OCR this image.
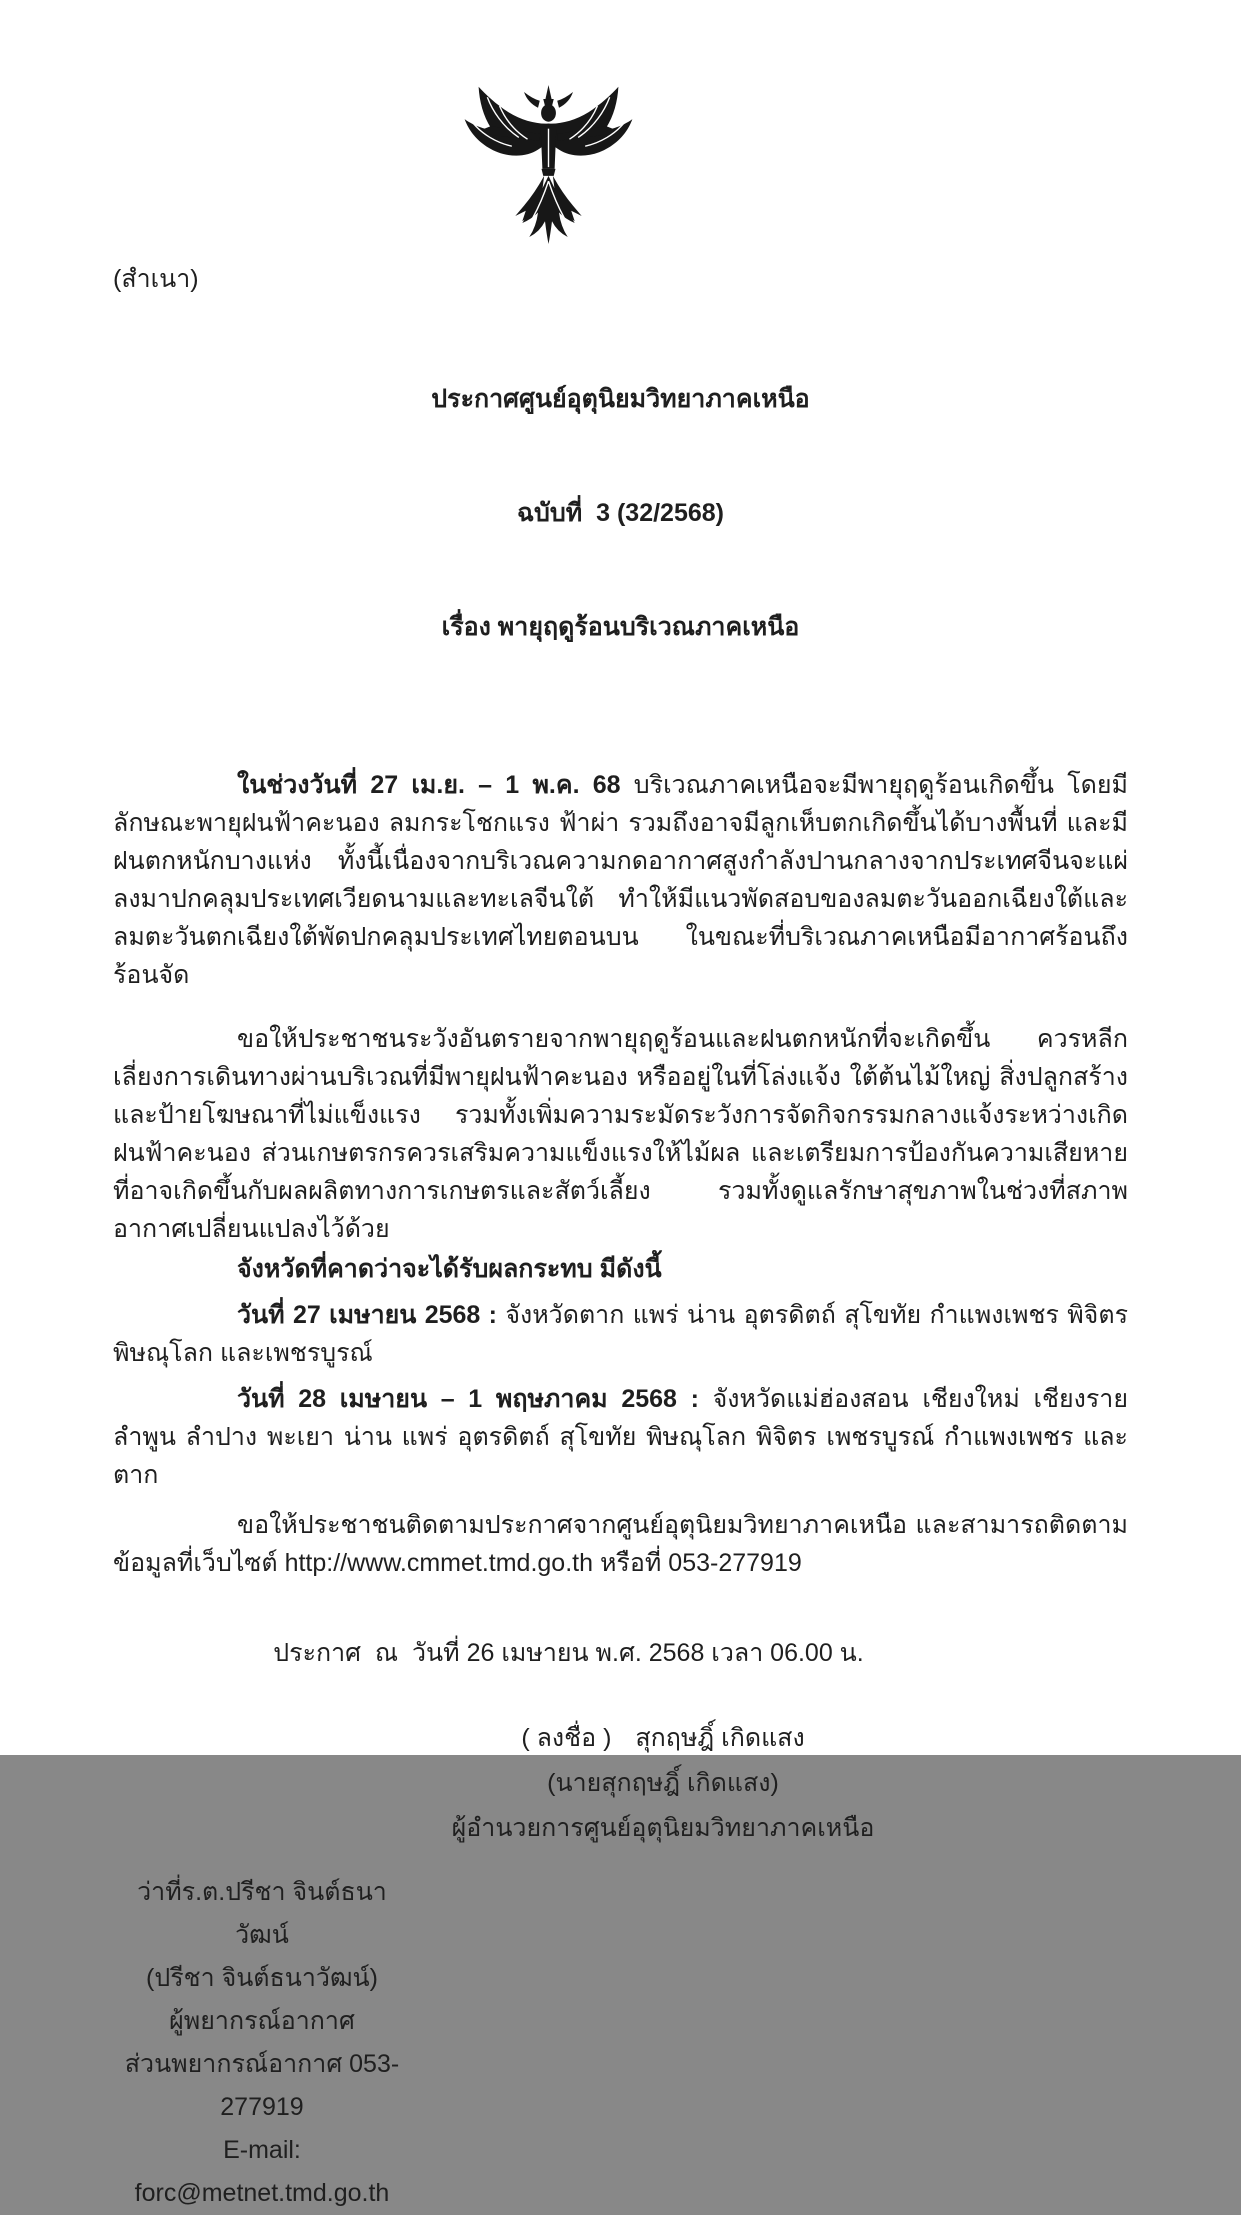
(สำเนา)

ประกาศศูนย์อุตุนิยมวิทยาภาคเหนือ

ฉบับที่  3 (32/2568)

เรื่อง พายุฤดูร้อนบริเวณภาคเหนือ

ในช่วงวันที่ 27 เม.ย. – 1 พ.ค. 68 บริเวณภาคเหนือจะมีพายุฤดูร้อนเกิดขึ้น โดยมีลักษณะพายุฝนฟ้าคะนอง ลมกระโชกแรง ฟ้าผ่า รวมถึงอาจมีลูกเห็บตกเกิดขึ้นได้บางพื้นที่ และมีฝนตกหนักบางแห่ง ทั้งนี้เนื่องจากบริเวณความกดอากาศสูงกำลังปานกลางจากประเทศจีนจะแผ่ลงมาปกคลุมประเทศเวียดนามและทะเลจีนใต้ ทำให้มีแนวพัดสอบของลมตะวันออกเฉียงใต้และลมตะวันตกเฉียงใต้พัดปกคลุมประเทศไทยตอนบน ในขณะที่บริเวณภาคเหนือมีอากาศร้อนถึงร้อนจัด

ขอให้ประชาชนระวังอันตรายจากพายุฤดูร้อนและฝนตกหนักที่จะเกิดขึ้น ควรหลีกเลี่ยงการเดินทางผ่านบริเวณที่มีพายุฝนฟ้าคะนอง หรืออยู่ในที่โล่งแจ้ง ใต้ต้นไม้ใหญ่ สิ่งปลูกสร้าง และป้ายโฆษณาที่ไม่แข็งแรง รวมทั้งเพิ่มความระมัดระวังการจัดกิจกรรมกลางแจ้งระหว่างเกิดฝนฟ้าคะนอง ส่วนเกษตรกรควรเสริมความแข็งแรงให้ไม้ผล และเตรียมการป้องกันความเสียหายที่อาจเกิดขึ้นกับผลผลิตทางการเกษตรและสัตว์เลี้ยง รวมทั้งดูแลรักษาสุขภาพในช่วงที่สภาพอากาศเปลี่ยนแปลงไว้ด้วย

จังหวัดที่คาดว่าจะได้รับผลกระทบ มีดังนี้

วันที่ 27 เมษายน 2568 : จังหวัดตาก แพร่ น่าน อุตรดิตถ์ สุโขทัย กำแพงเพชร พิจิตร พิษณุโลก และเพชรบูรณ์

วันที่ 28 เมษายน – 1 พฤษภาคม 2568 : จังหวัดแม่ฮ่องสอน เชียงใหม่ เชียงราย ลำพูน ลำปาง พะเยา น่าน แพร่ อุตรดิตถ์ สุโขทัย พิษณุโลก พิจิตร เพชรบูรณ์ กำแพงเพชร และตาก

ขอให้ประชาชนติดตามประกาศจากศูนย์อุตุนิยมวิทยาภาคเหนือ และสามารถติดตามข้อมูลที่เว็บไซต์ http://www.cmmet.tmd.go.th หรือที่ 053-277919

ประกาศ  ณ  วันที่ 26 เมษายน พ.ศ. 2568 เวลา 06.00 น.
( ลงชื่อ ) สุกฤษฎิ์ เกิดแสง
(นายสุกฤษฎิ์ เกิดแสง)
ผู้อำนวยการศูนย์อุตุนิยมวิทยาภาคเหนือ
ว่าที่ร.ต.ปรีชา จินต์ธนาวัฒน์
(ปรีชา จินต์ธนาวัฒน์)
ผู้พยากรณ์อากาศ
ส่วนพยากรณ์อากาศ 053-277919
E-mail: forc@metnet.tmd.go.th
